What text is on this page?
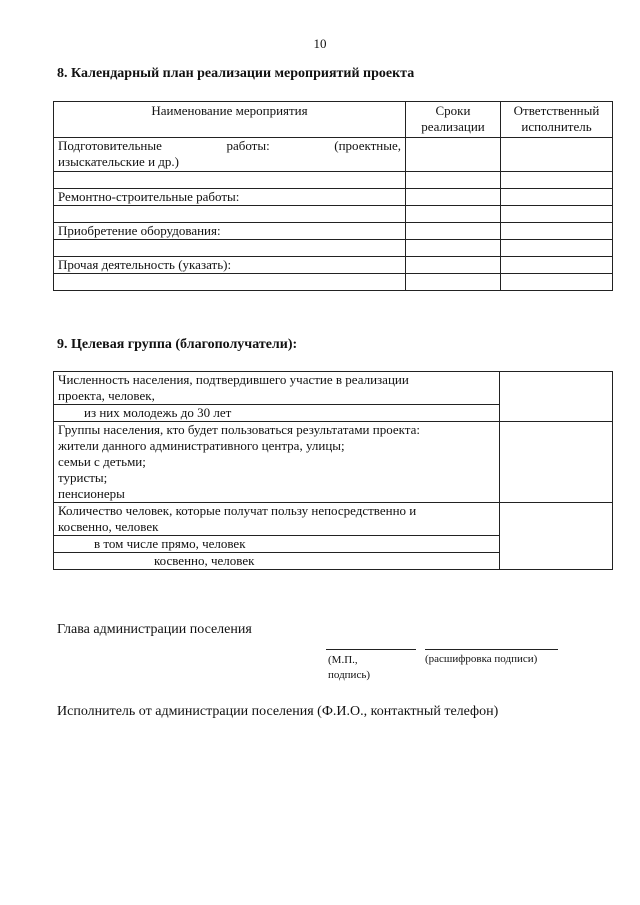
10
8. Календарный план реализации мероприятий проекта
Наименование мероприятия	Сроки реализации	Ответственный исполнитель

Подготовительные работы: (проектные,
изыскательские и др.)		

Ремонтно-строительные работы:		

Приобретение оборудования:		

Прочая деятельность (указать):		

9. Целевая группа (благополучатели):
Численность населения, подтвердившего участие в реализации
проекта, человек,	

из них молодежь до 30 лет	

Группы населения, кто будет пользоваться результатами проекта:
жители данного административного центра, улицы;
семьи с детьми;
туристы;
пенсионеры	

Количество человек, которые получат пользу непосредственно и
косвенно, человек	

в том числе прямо, человек	
косвенно, человек	
Глава администрации поселения
(М.П.,
подпись)
(расшифровка подписи)
Исполнитель от администрации поселения (Ф.И.О., контактный телефон)
